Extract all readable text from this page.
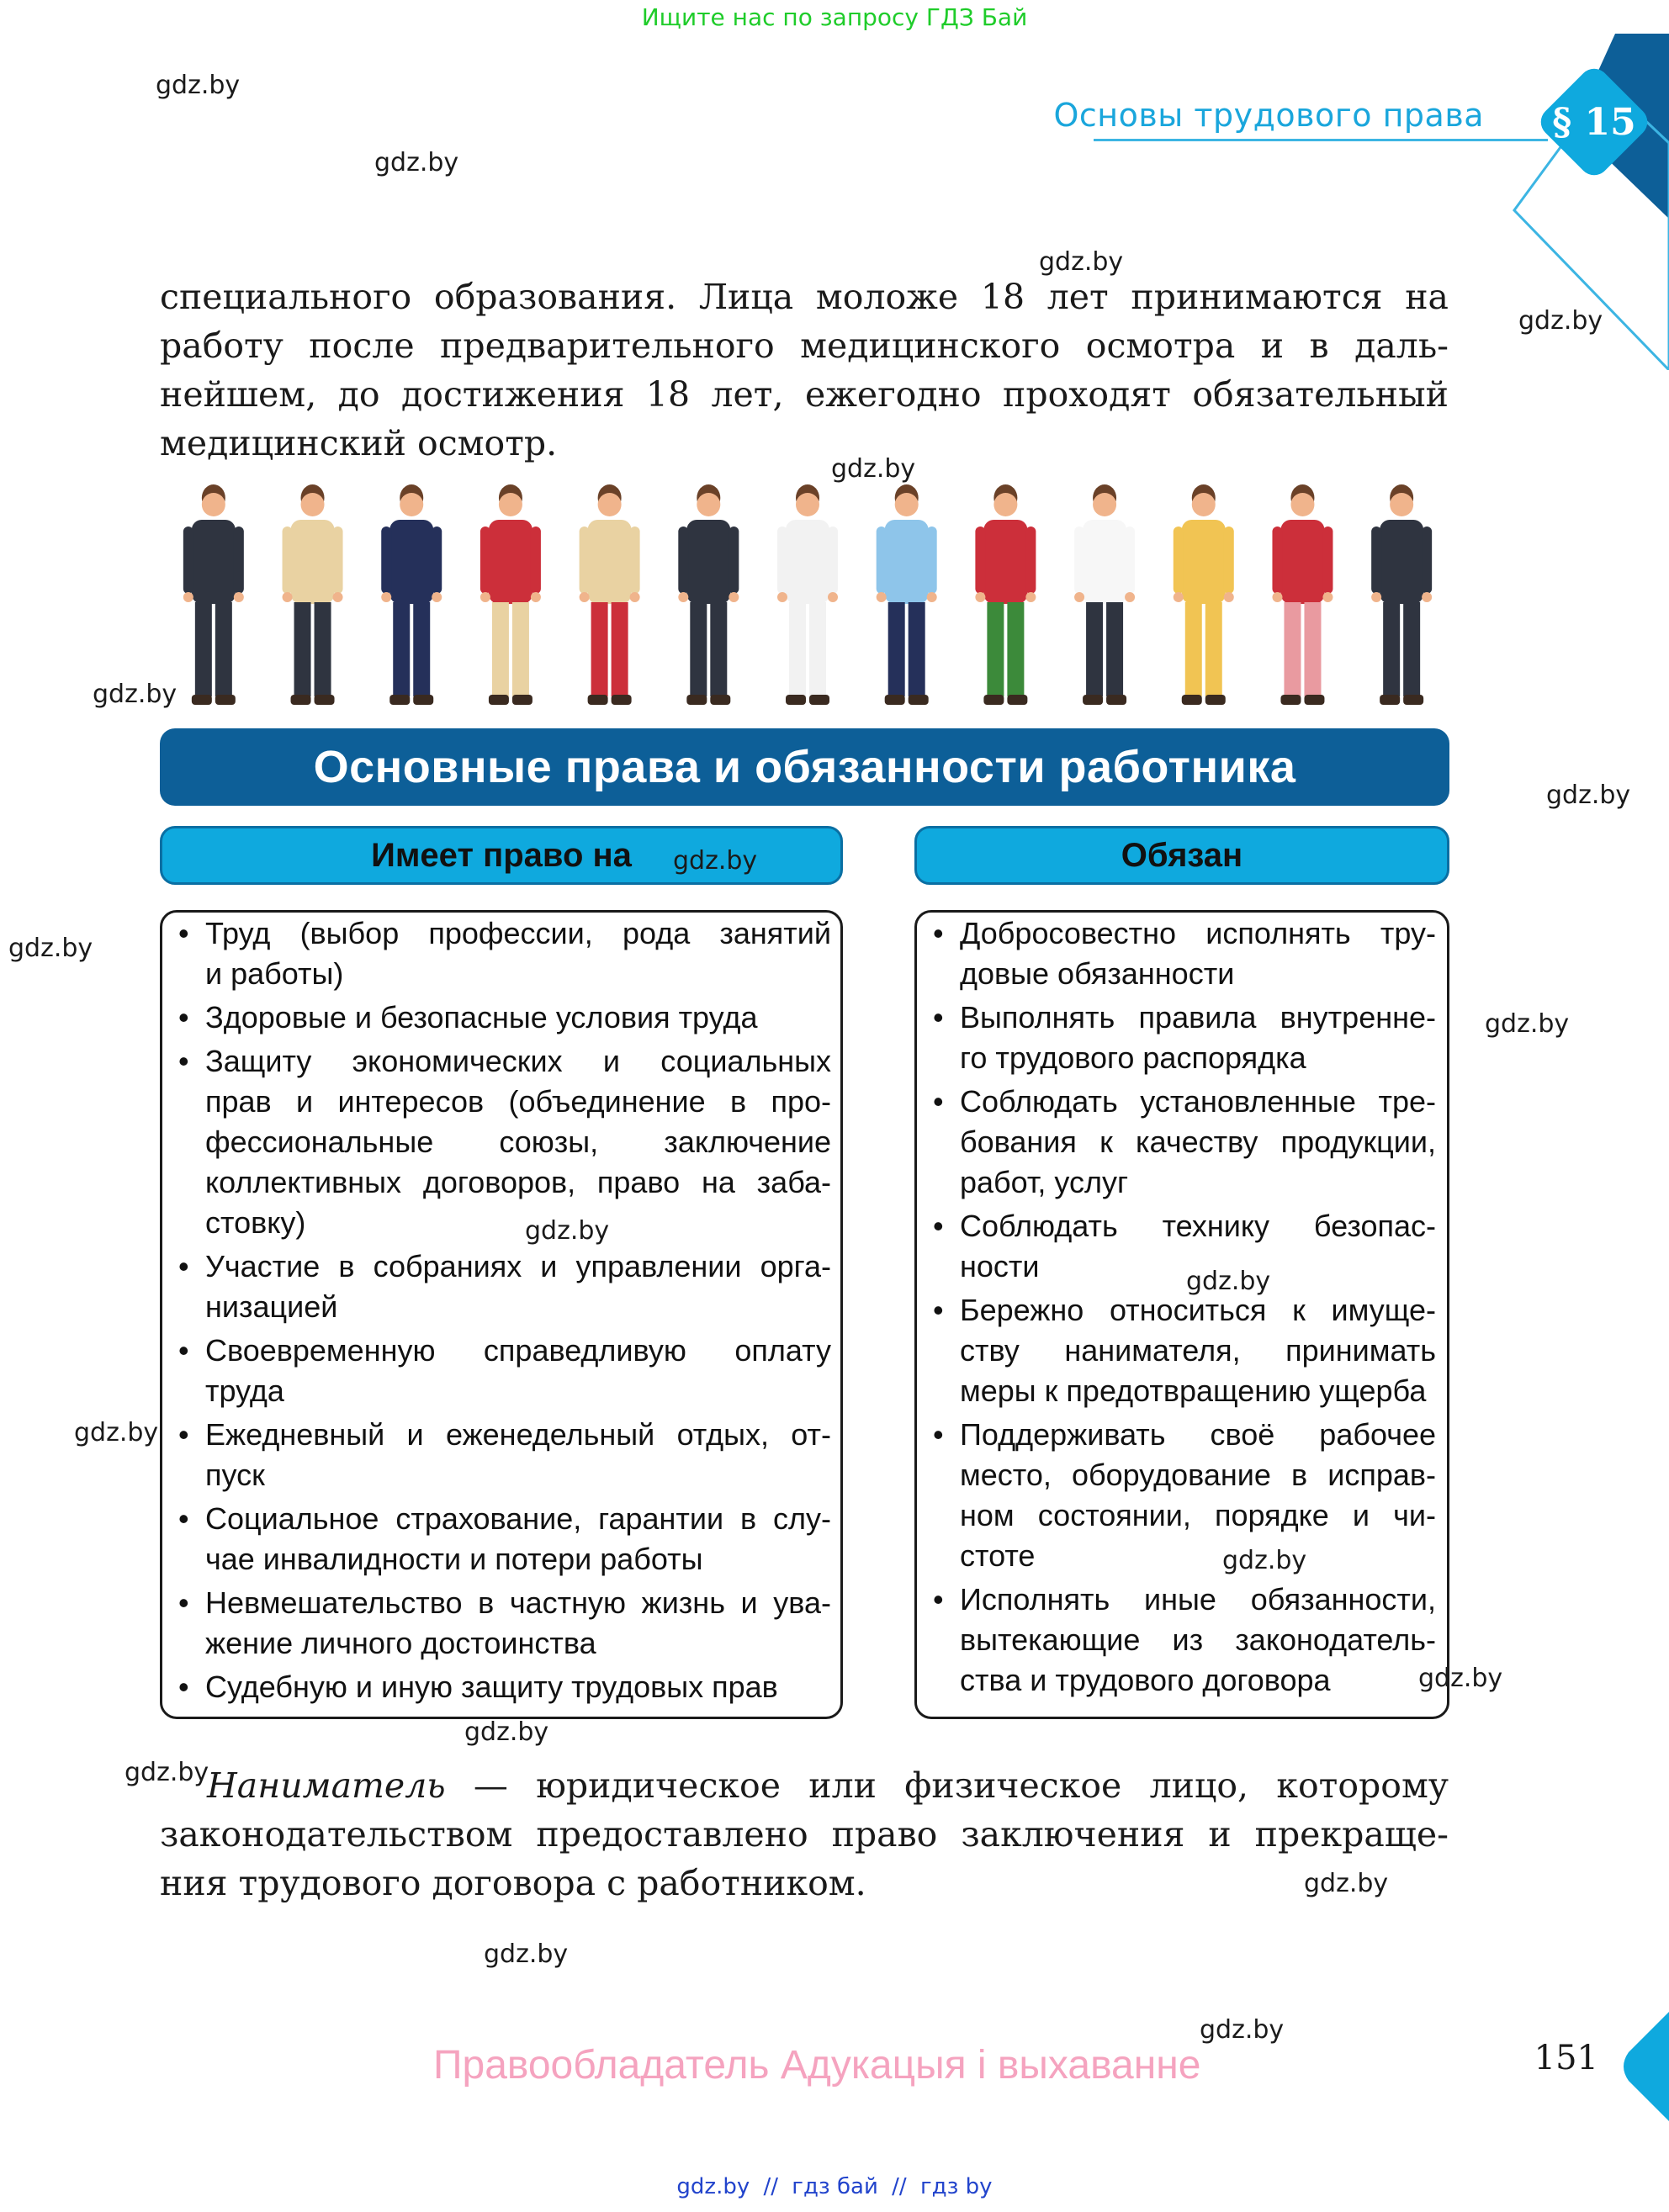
Ищите нас по запросу ГДЗ Бай
Основы трудового права § 15
специального образования. Лица моложе 18 лет принимаются на
работу после предварительного медицинского осмотра и в даль-
нейшем, до достижения 18 лет, ежегодно проходят обязательный
медицинский осмотр.
Основные права и обязанности работника
Имеет право на
• Труд (выбор профессии, рода занятий
и работы)
• Здоровые и безопасные условия труда
• Защиту экономических и социальных
прав и интересов (объединение в про-
фессиональные союзы, заключение
коллективных договоров, право на заба-
стовку)
• Участие в собраниях и управлении орга-
низацией
• Своевременную справедливую оплату
труда
• Ежедневный и еженедельный отдых, от-
пуск
• Социальное страхование, гарантии в слу-
чае инвалидности и потери работы
• Невмешательство в частную жизнь и ува-
жение личного достоинства
• Судебную и иную защиту трудовых прав
Обязан
• Добросовестно исполнять тру-
довые обязанности
• Выполнять правила внутренне-
го трудового распорядка
• Соблюдать установленные тре-
бования к качеству продукции,
работ, услуг
• Соблюдать технику безопас-
ности
• Бережно относиться к имуще-
ству нанимателя, принимать
меры к предотвращению ущерба
• Поддерживать своё рабочее
место, оборудование в исправ-
ном состоянии, порядке и чи-
стоте
• Исполнять иные обязанности,
вытекающие из законодатель-
ства и трудового договора
Наниматель — юридическое или физическое лицо, которому
законодательством предоставлено право заключения и прекраще-
ния трудового договора с работником.
Правообладатель Адукацыя і выхаванне	151
gdz.by // гдз бай // гдз by
gdz.by
gdz.by
gdz.by
gdz.by
gdz.by
gdz.by
gdz.by
gdz.by
gdz.by
gdz.by
gdz.by
gdz.by
gdz.by
gdz.by
gdz.by
gdz.by
gdz.by
gdz.by
gdz.by
gdz.by
